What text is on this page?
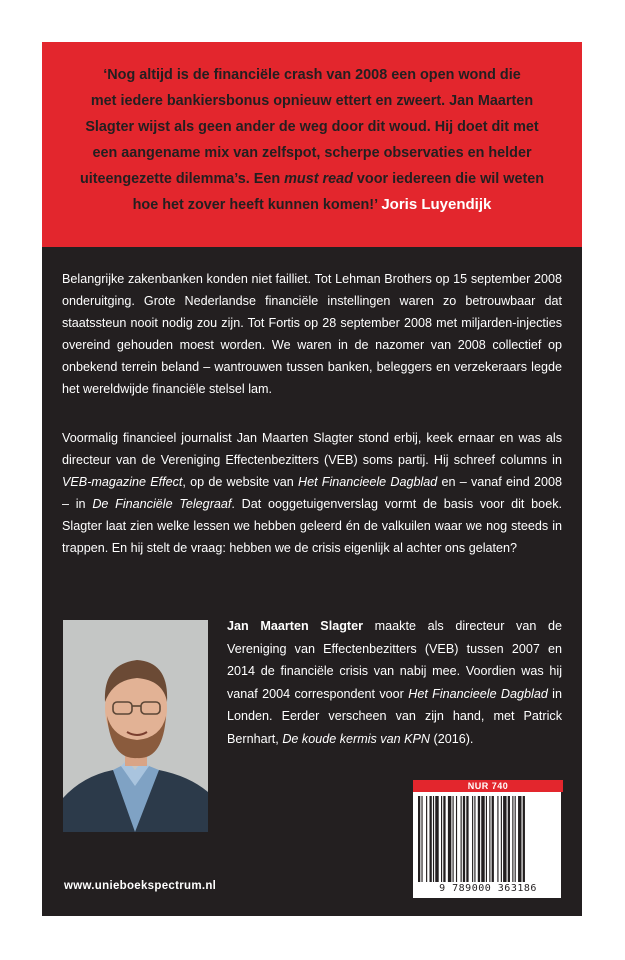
‘Nog altijd is de financiële crash van 2008 een open wond die
met iedere bankiersbonus opnieuw ettert en zweert. Jan Maarten
Slagter wijst als geen ander de weg door dit woud. Hij doet dit met
een aangename mix van zelfspot, scherpe observaties en helder
uiteengezette dilemma’s. Een must read voor iedereen die wil weten
hoe het zover heeft kunnen komen!’ Joris Luyendijk

Belangrijke zakenbanken konden niet failliet. Tot Lehman Brothers op 15 september 2008 onderuitging. Grote Nederlandse financiële instellingen waren zo betrouwbaar dat staatssteun nooit nodig zou zijn. Tot Fortis op 28 september 2008 met miljarden-injecties overeind gehouden moest worden. We waren in de nazomer van 2008 collectief op onbekend terrein beland – wantrouwen tussen banken, beleggers en verzekeraars legde het wereldwijde financiële stelsel lam.

Voormalig financieel journalist Jan Maarten Slagter stond erbij, keek ernaar en was als directeur van de Vereniging Effectenbezitters (VEB) soms partij. Hij schreef columns in VEB-magazine Effect, op de website van Het Financieele Dagblad en – vanaf eind 2008 – in De Financiële Telegraaf. Dat ooggetuigenverslag vormt de basis voor dit boek. Slagter laat zien welke lessen we hebben geleerd én de valkuilen waar we nog steeds in trappen. En hij stelt de vraag: hebben we de crisis eigenlijk al achter ons gelaten?

Jan Maarten Slagter maakte als directeur van de Vereniging van Effectenbezitters (VEB) tussen 2007 en 2014 de financiële crisis van nabij mee. Voordien was hij vanaf 2004 correspondent voor Het Financieele Dagblad in Londen. Eerder verscheen van zijn hand, met Patrick Bernhart, De koude kermis van KPN (2016).

NUR 740
9 789000 363186
www.unieboekspectrum.nl
